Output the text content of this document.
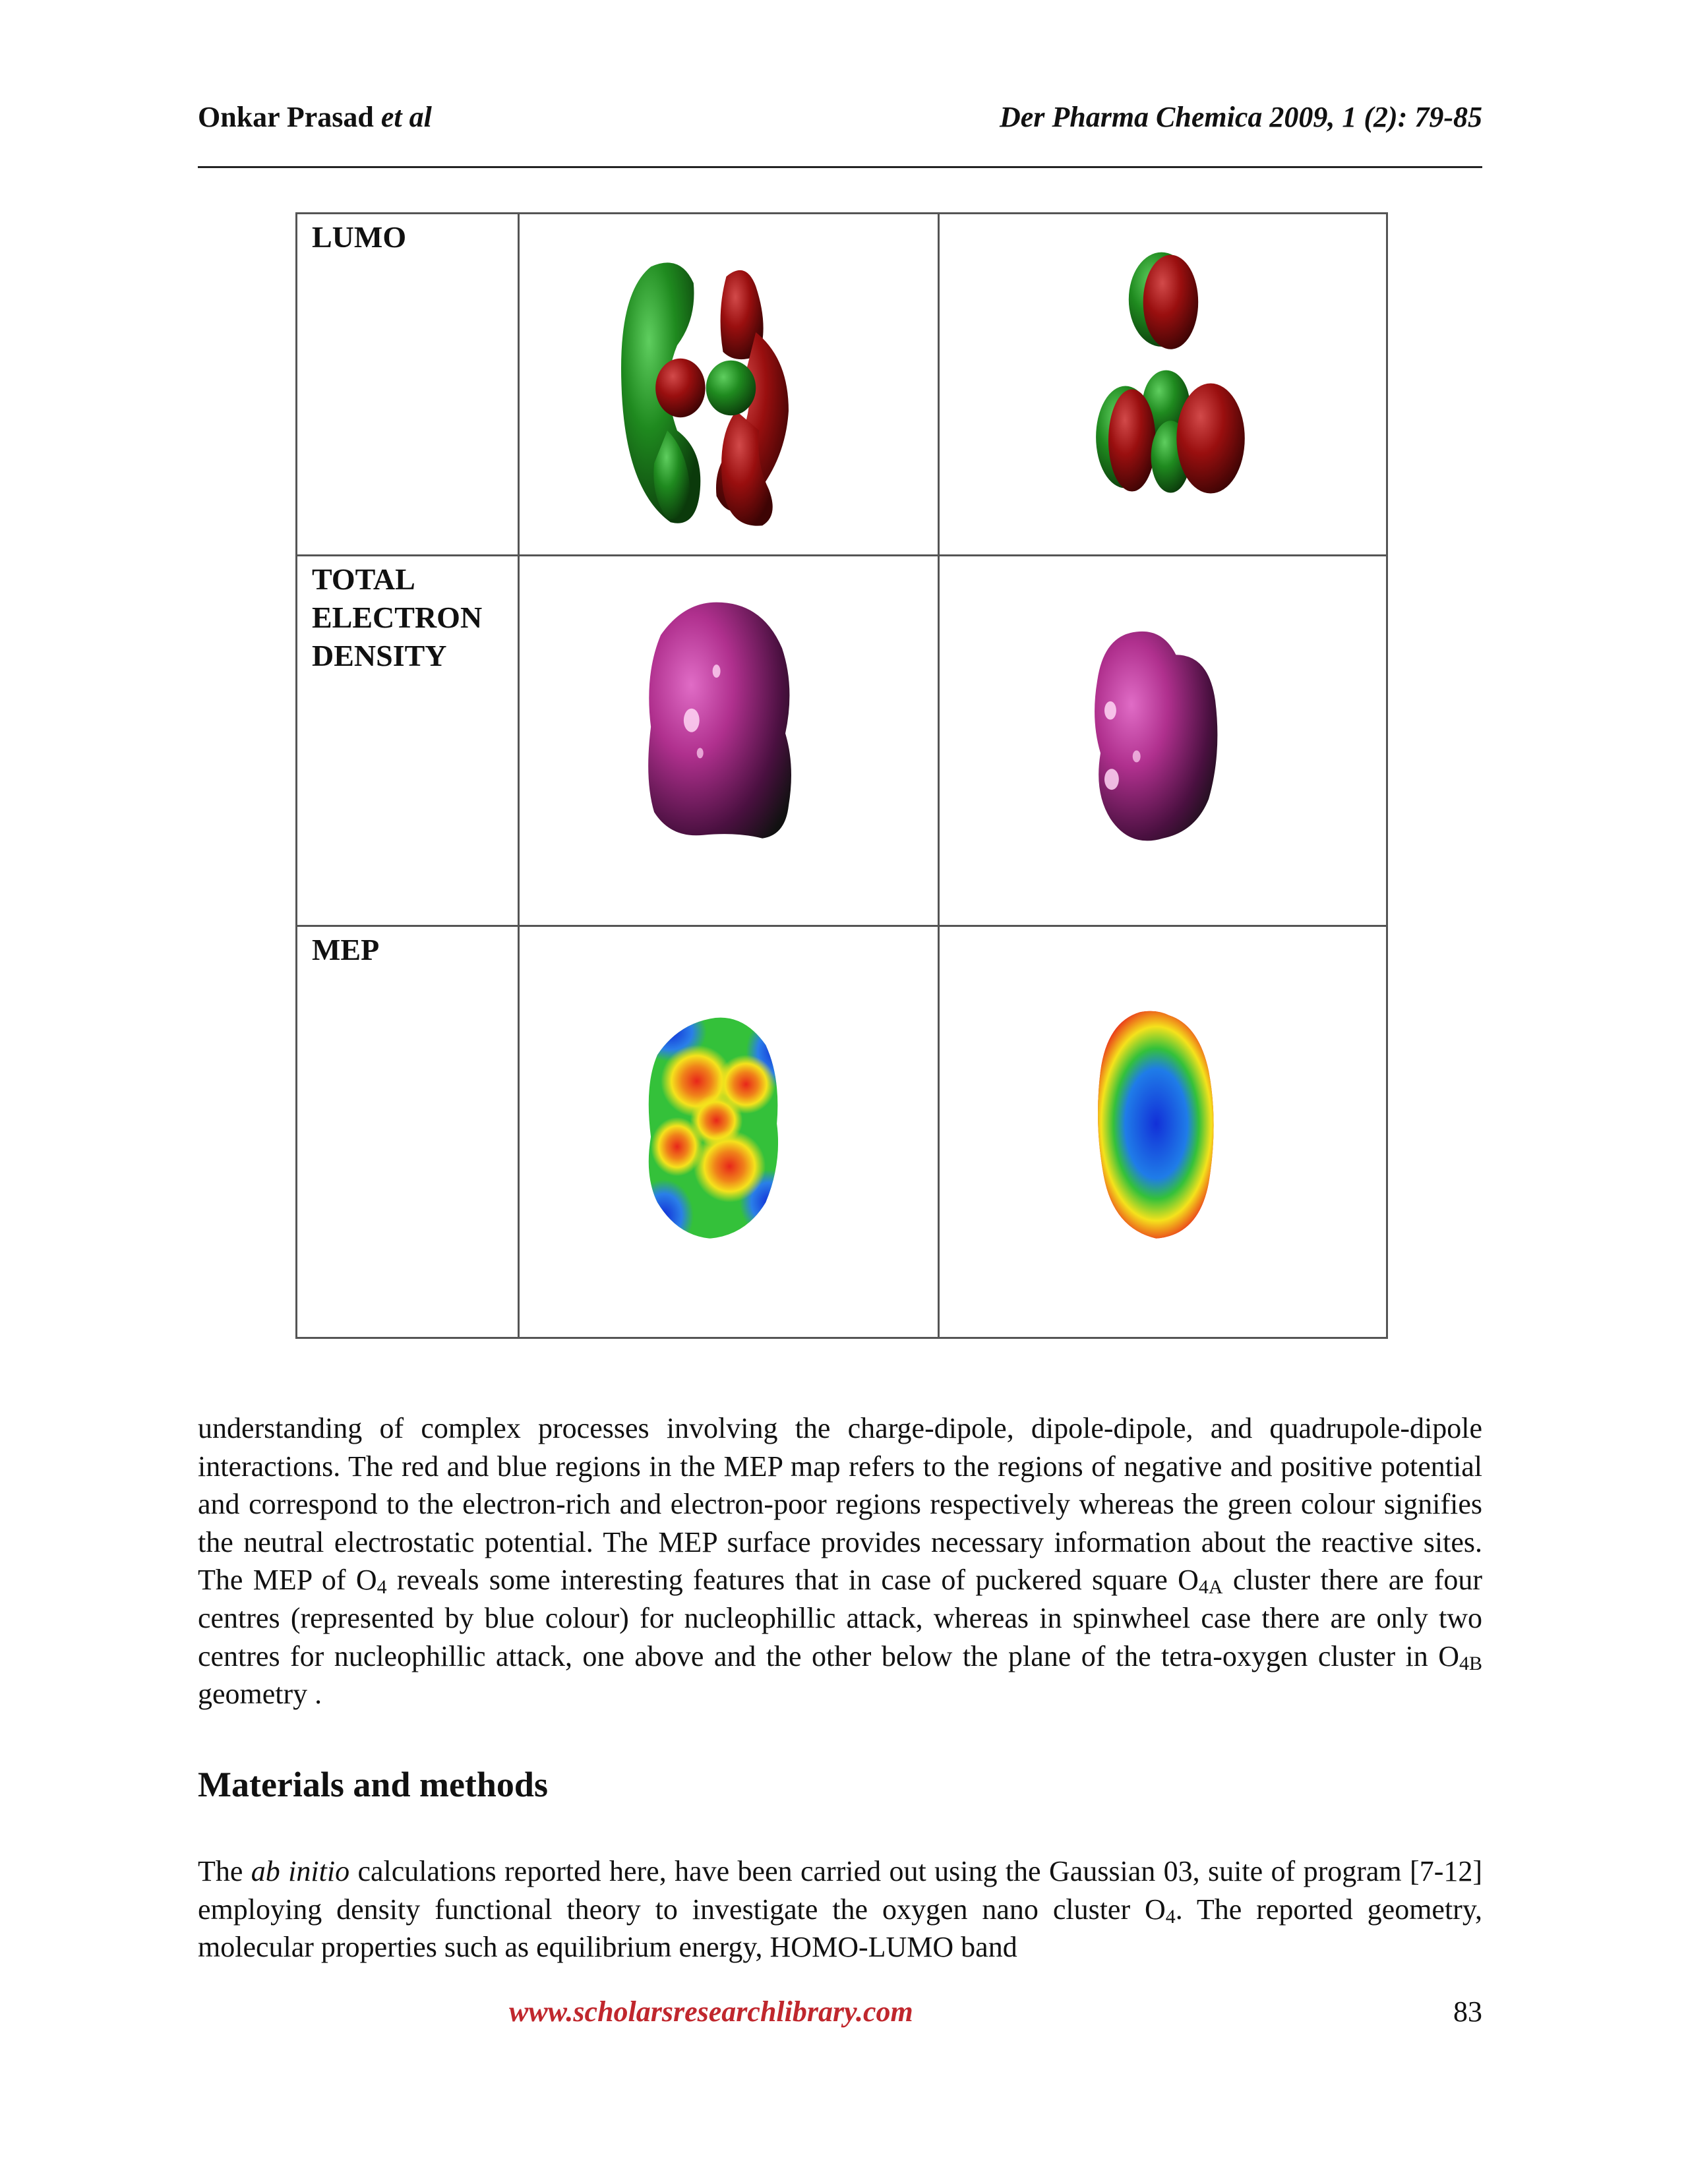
Onkar Prasad et al	Der Pharma Chemica 2009, 1 (2): 79-85
LUMO

TOTAL
ELECTRON
DENSITY

MEP

understanding of complex processes involving the charge-dipole, dipole-dipole, and quadrupole-dipole interactions. The red and blue regions in the MEP map refers to the regions of negative and positive potential and correspond to the electron-rich and electron-poor regions respectively whereas the green colour signifies the neutral electrostatic potential. The MEP surface provides necessary information about the reactive sites. The MEP of $O_4$ reveals some interesting features that in case of puckered square $O_{4A}$ cluster there are four centres (represented by blue colour) for nucleophillic attack, whereas in spinwheel case there are only two centres for nucleophillic attack, one above and the other below the plane of the tetra-oxygen cluster in $O_{4B}$ geometry .
Materials and methods
The ab initio calculations reported here, have been carried out using the Gaussian 03, suite of program [7-12] employing density functional theory to investigate the oxygen nano cluster $O_4$. The reported geometry, molecular properties such as equilibrium energy, HOMO-LUMO band
www.scholarsresearchlibrary.com	83
